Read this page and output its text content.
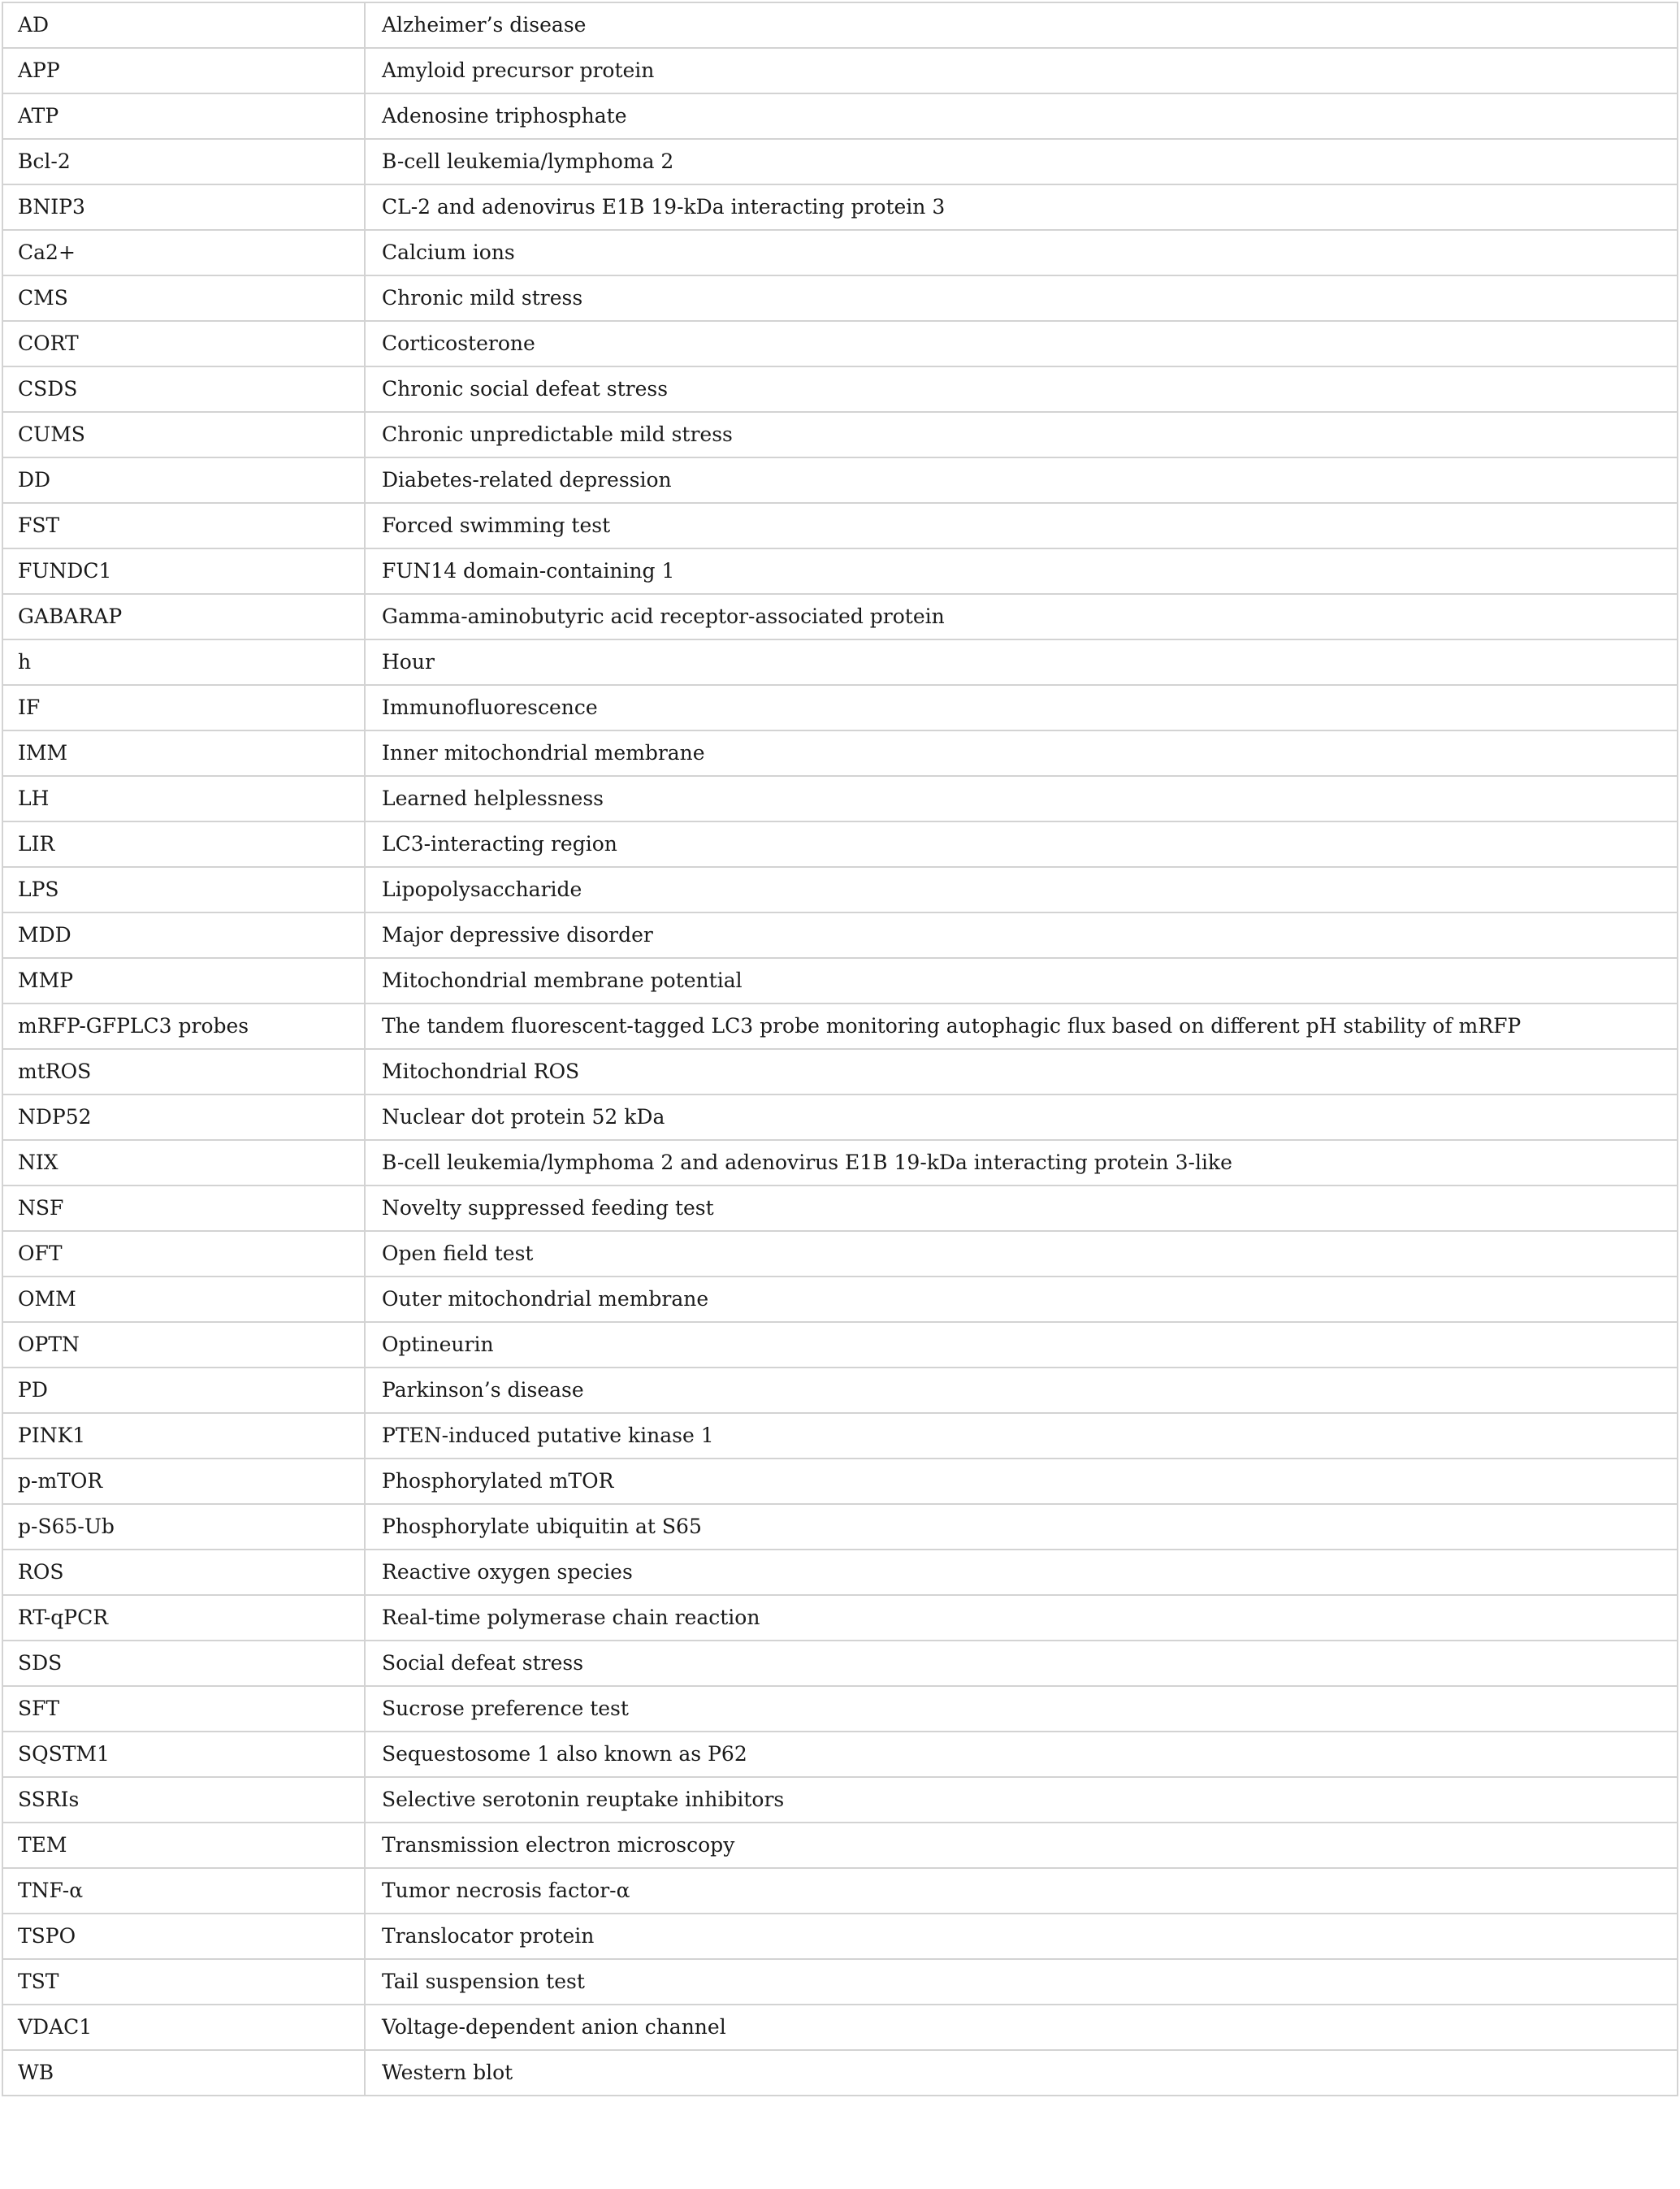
AD	Alzheimer’s disease
APP	Amyloid precursor protein
ATP	Adenosine triphosphate
Bcl-2	B-cell leukemia/lymphoma 2
BNIP3	CL-2 and adenovirus E1B 19-kDa interacting protein 3
Ca2+	Calcium ions
CMS	Chronic mild stress
CORT	Corticosterone
CSDS	Chronic social defeat stress
CUMS	Chronic unpredictable mild stress
DD	Diabetes-related depression
FST	Forced swimming test
FUNDC1	FUN14 domain-containing 1
GABARAP	Gamma-aminobutyric acid receptor-associated protein
h	Hour
IF	Immunofluorescence
IMM	Inner mitochondrial membrane
LH	Learned helplessness
LIR	LC3-interacting region
LPS	Lipopolysaccharide
MDD	Major depressive disorder
MMP	Mitochondrial membrane potential
mRFP-GFPLC3 probes	The tandem fluorescent-tagged LC3 probe monitoring autophagic flux based on different pH stability of mRFP
mtROS	Mitochondrial ROS
NDP52	Nuclear dot protein 52 kDa
NIX	B-cell leukemia/lymphoma 2 and adenovirus E1B 19-kDa interacting protein 3-like
NSF	Novelty suppressed feeding test
OFT	Open field test
OMM	Outer mitochondrial membrane
OPTN	Optineurin
PD	Parkinson’s disease
PINK1	PTEN-induced putative kinase 1
p-mTOR	Phosphorylated mTOR
p-S65-Ub	Phosphorylate ubiquitin at S65
ROS	Reactive oxygen species
RT-qPCR	Real-time polymerase chain reaction
SDS	Social defeat stress
SFT	Sucrose preference test
SQSTM1	Sequestosome 1 also known as P62
SSRIs	Selective serotonin reuptake inhibitors
TEM	Transmission electron microscopy
TNF-α	Tumor necrosis factor-α
TSPO	Translocator protein
TST	Tail suspension test
VDAC1	Voltage-dependent anion channel
WB	Western blot
